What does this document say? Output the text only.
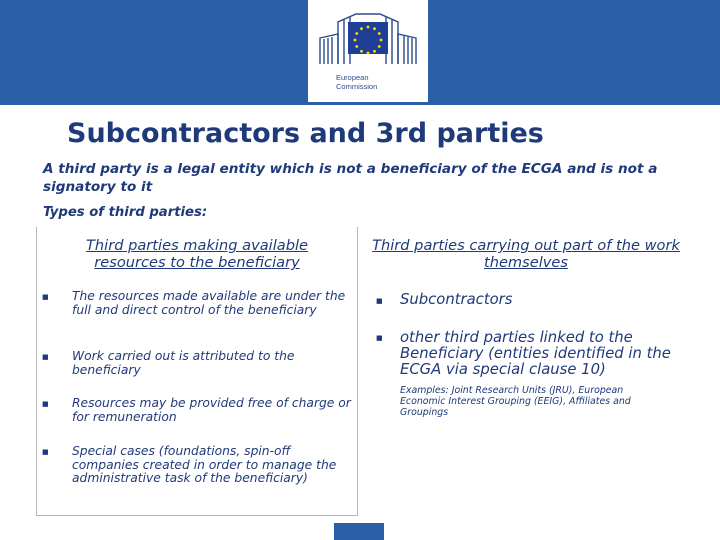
European
Commission
Subcontractors and 3rd parties
A third party is a legal entity which is not a beneficiary of the ECGA and is not a signatory to it
Types of third parties:
Third parties making available resources to the beneficiary
■ The resources made available are under the full and direct control of the beneficiary
■ Work carried out is attributed to the beneficiary
■ Resources may be provided free of charge or for remuneration
■ Special cases (foundations, spin-off companies created in order to manage the administrative task of the beneficiary)
Third parties carrying out part of the work themselves
■ Subcontractors
■ other third parties linked to the Beneficiary (entities identified in the ECGA via special clause 10)
Examples: Joint Research Units (JRU), European Economic Interest Grouping (EEIG), Affiliates and Groupings
